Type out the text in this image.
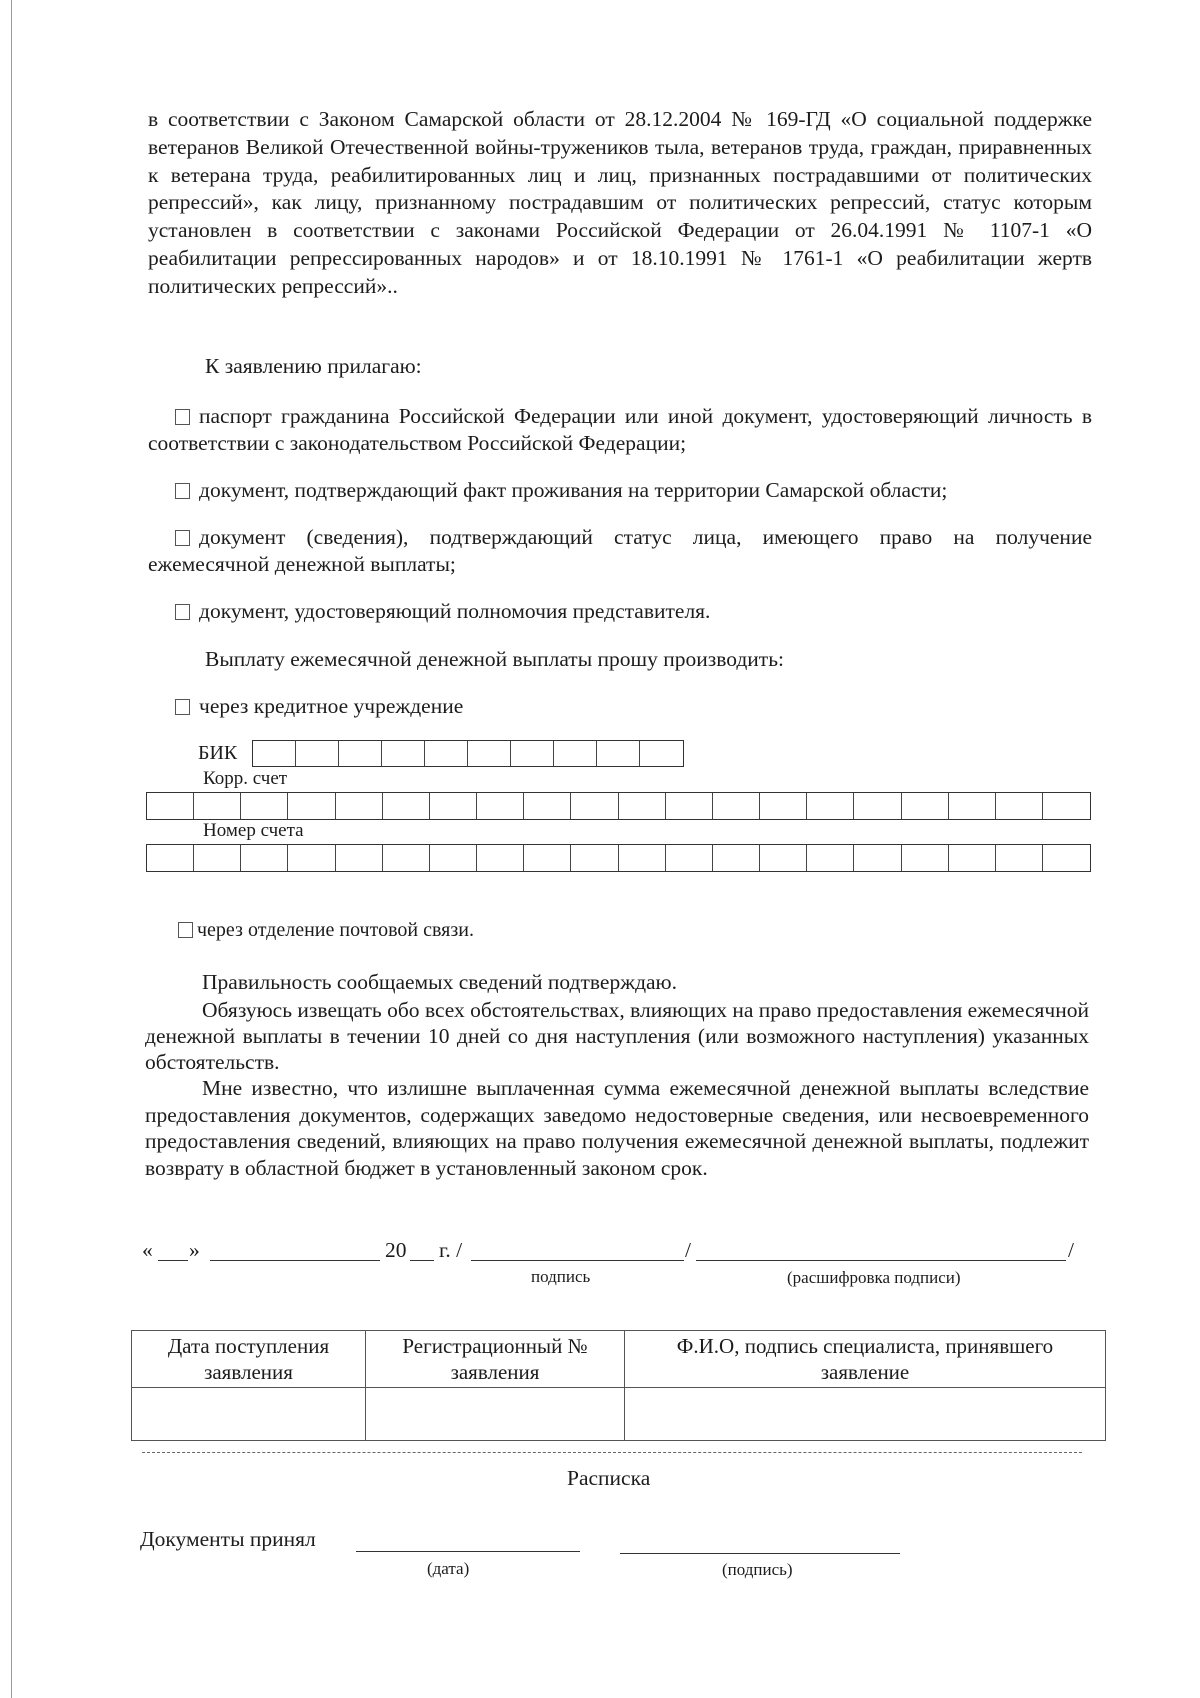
в соответствии с Законом Самарской области от 28.12.2004 № 169-ГД «О социальной поддержке ветеранов Великой Отечественной войны-тружеников тыла, ветеранов труда, граждан, приравненных к ветерана труда, реабилитированных лиц и лиц, признанных пострадавшими от политических репрессий», как лицу, признанному пострадавшим от политических репрессий, статус которым установлен в соответствии с законами Российской Федерации от 26.04.1991 № 1107-1 «О реабилитации репрессированных народов» и от 18.10.1991 № 1761-1 «О реабилитации жертв политических репрессий»..
К заявлению прилагаю:
паспорт гражданина Российской Федерации или иной документ, удостоверяющий личность в соответствии с законодательством Российской Федерации;
документ, подтверждающий факт проживания на территории Самарской области;
документ (сведения), подтверждающий статус лица, имеющего право на получение ежемесячной денежной выплаты;
документ, удостоверяющий полномочия представителя.
Выплату ежемесячной денежной выплаты прошу производить:
через кредитное учреждение
БИК
Корр. счет
Номер счета
через отделение почтовой связи.
Правильность сообщаемых сведений подтверждаю.
Обязуюсь извещать обо всех обстоятельствах, влияющих на право предоставления ежемесячной денежной выплаты в течении 10 дней со дня наступления (или возможного наступления) указанных обстоятельств.
Мне известно, что излишне выплаченная сумма ежемесячной денежной выплаты вследствие предоставления документов, содержащих заведомо недостоверные сведения, или несвоевременного предоставления сведений, влияющих на право получения ежемесячной денежной выплаты, подлежит возврату в областной бюджет в установленный законом срок.
« »	20 г. /	/	/
подпись	(расшифровка подписи)
Дата поступления заявления	Регистрационный № заявления	Ф.И.О, подпись специалиста, принявшего заявление

Расписка
Документы принял
(дата)	(подпись)
